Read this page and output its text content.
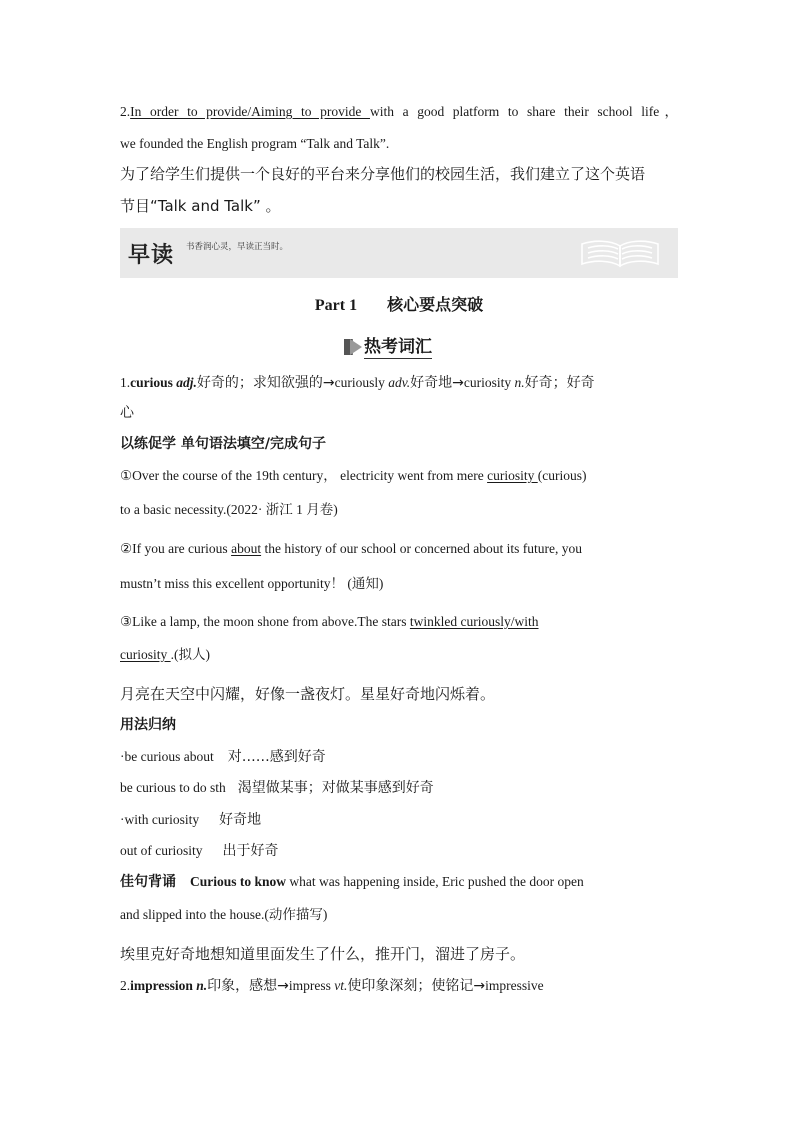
2.In order to provide/Aiming to provide with a good platform to share their school life，
we founded the English program “Talk and Talk”.
为了给学生们提供一个良好的平台来分享他们的校园生活，我们建立了这个英语
节目“Talk and Talk” 。
早读 书香润心灵，早读正当时。
Part 1 核心要点突破
热考词汇
1.curious adj.好奇的；求知欲强的→curiously adv.好奇地→curiosity n.好奇；好奇
心
以练促学 单句语法填空/完成句子
①Over the course of the 19th century， electricity went from mere curiosity (curious)
to a basic necessity.(2022· 浙江 1 月卷)
②If you are curious about the history of our school or concerned about its future, you
mustn’t miss this excellent opportunity！ (通知)
③Like a lamp, the moon shone from above.The stars twinkled curiously/with
curiosity .(拟人)
月亮在天空中闪耀，好像一盏夜灯。星星好奇地闪烁着。
用法归纳
·be curious about 对……感到好奇
be curious to do sth 渴望做某事；对做某事感到好奇
·with curiosity 好奇地
out of curiosity 出于好奇
佳句背诵 Curious to know what was happening inside, Eric pushed the door open
and slipped into the house.(动作描写)
埃里克好奇地想知道里面发生了什么，推开门，溜进了房子。
2.impression n.印象，感想→impress vt.使印象深刻；使铭记→impressive
